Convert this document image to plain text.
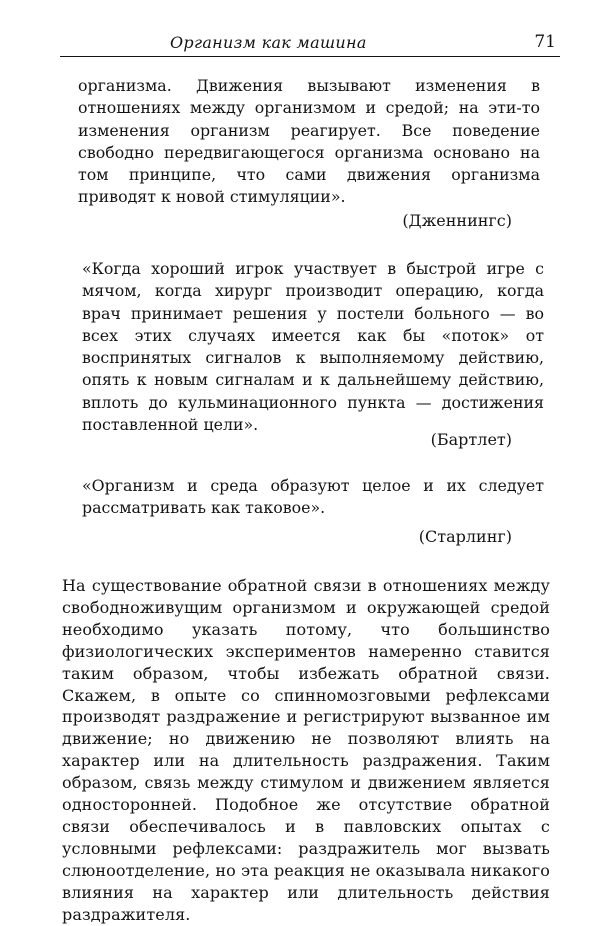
Организм как машина	71

организма. Движения вызывают изменения в отношениях между организмом и средой; на эти-то изменения организм реагирует. Все поведение свободно передвигающегося организма основано на том принципе, что сами движения организма приводят к новой стимуляции».

(Дженнингс)

«Когда хороший игрок участвует в быстрой игре с мячом, когда хирург производит операцию, когда врач принимает решения у постели больного — во всех этих случаях имеется как бы «поток» от воспринятых сигналов к выполняемому действию, опять к новым сигналам и к дальнейшему действию, вплоть до кульминационного пункта — достижения поставленной цели».

(Бартлет)

«Организм и среда образуют целое и их следует рассматривать как таковое».

(Старлинг)

На существование обратной связи в отношениях между свободноживущим организмом и окружающей средой необходимо указать потому, что большинство физиологических экспериментов намеренно ставится таким образом, чтобы избежать обратной связи. Скажем, в опыте со спинномозговыми рефлексами производят раздражение и регистрируют вызванное им движение; но движению не позволяют влиять на характер или на длительность раздражения. Таким образом, связь между стимулом и движением является односторонней. Подобное же отсутствие обратной связи обеспечивалось и в павловских опытах с условными рефлексами: раздражитель мог вызвать слюноотделение, но эта реакция не оказывала никакого влияния на характер или длительность действия раздражителя.
